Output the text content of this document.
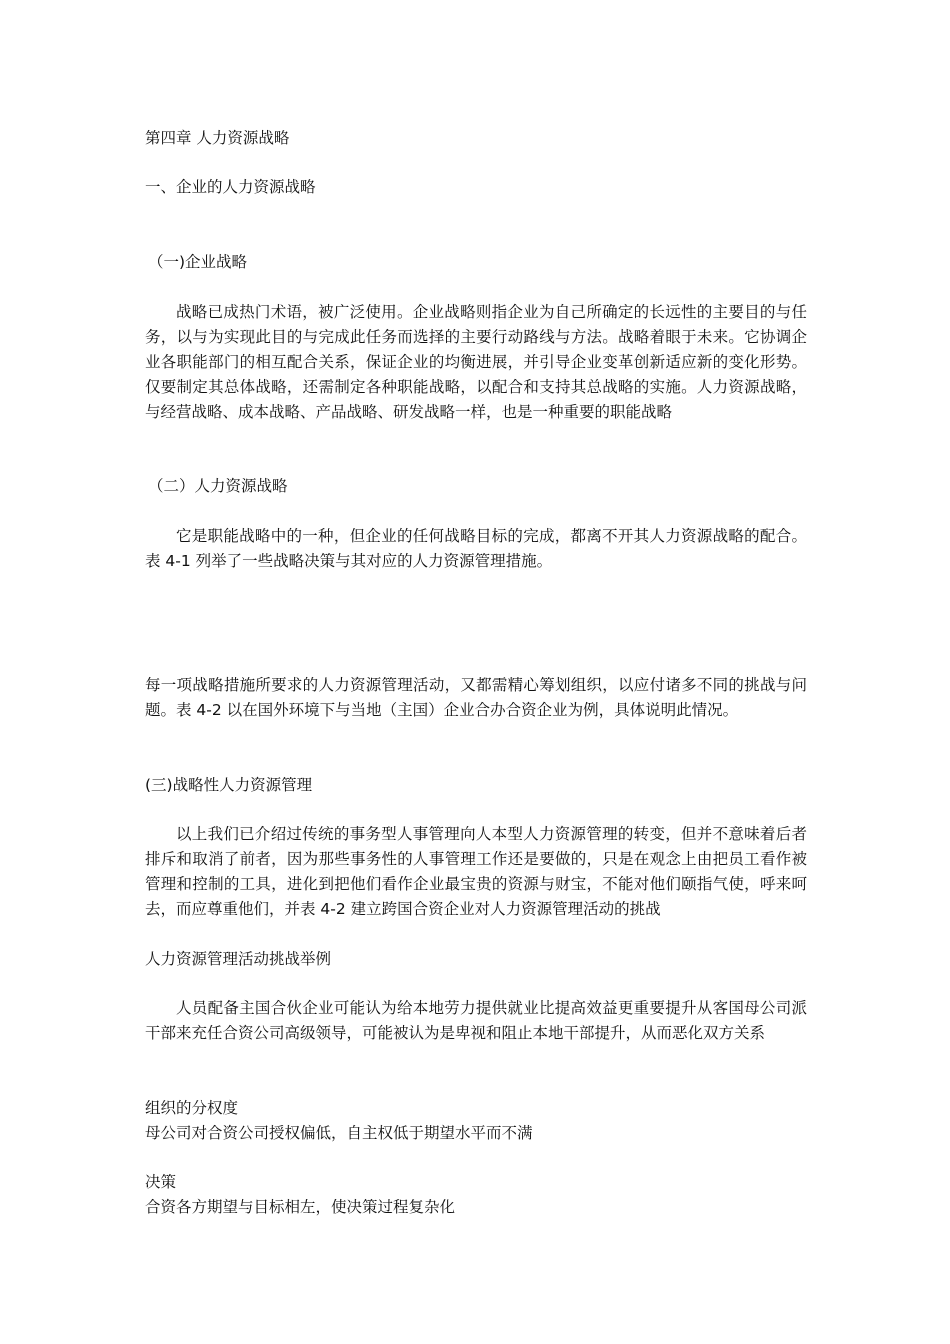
第四章 人力资源战略

一、企业的人力资源战略

（一)企业战略

战略已成热门术语，被广泛使用。企业战略则指企业为自己所确定的长远性的主要目的与任务，以与为实现此目的与完成此任务而选择的主要行动路线与方法。战略着眼于未来。它协调企业各职能部门的相互配合关系，保证企业的均衡进展，并引导企业变革创新适应新的变化形势。仅要制定其总体战略，还需制定各种职能战略，以配合和支持其总战略的实施。人力资源战略，与经营战略、成本战略、产品战略、研发战略一样，也是一种重要的职能战略

（二）人力资源战略

它是职能战略中的一种，但企业的任何战略目标的完成，都离不开其人力资源战略的配合。表 4-1 列举了一些战略决策与其对应的人力资源管理措施。

每一项战略措施所要求的人力资源管理活动，又都需精心筹划组织，以应付诸多不同的挑战与问题。表 4-2 以在国外环境下与当地（主国）企业合办合资企业为例，具体说明此情况。

(三)战略性人力资源管理

以上我们已介绍过传统的事务型人事管理向人本型人力资源管理的转变，但并不意味着后者排斥和取消了前者，因为那些事务性的人事管理工作还是要做的，只是在观念上由把员工看作被管理和控制的工具，进化到把他们看作企业最宝贵的资源与财宝，不能对他们颐指气使，呼来呵去，而应尊重他们，并表 4-2 建立跨国合资企业对人力资源管理活动的挑战

人力资源管理活动挑战举例

人员配备主国合伙企业可能认为给本地劳力提供就业比提高效益更重要提升从客国母公司派干部来充任合资公司高级领导，可能被认为是卑视和阻止本地干部提升，从而恶化双方关系

组织的分权度

母公司对合资公司授权偏低，自主权低于期望水平而不满

决策

合资各方期望与目标相左，使决策过程复杂化
